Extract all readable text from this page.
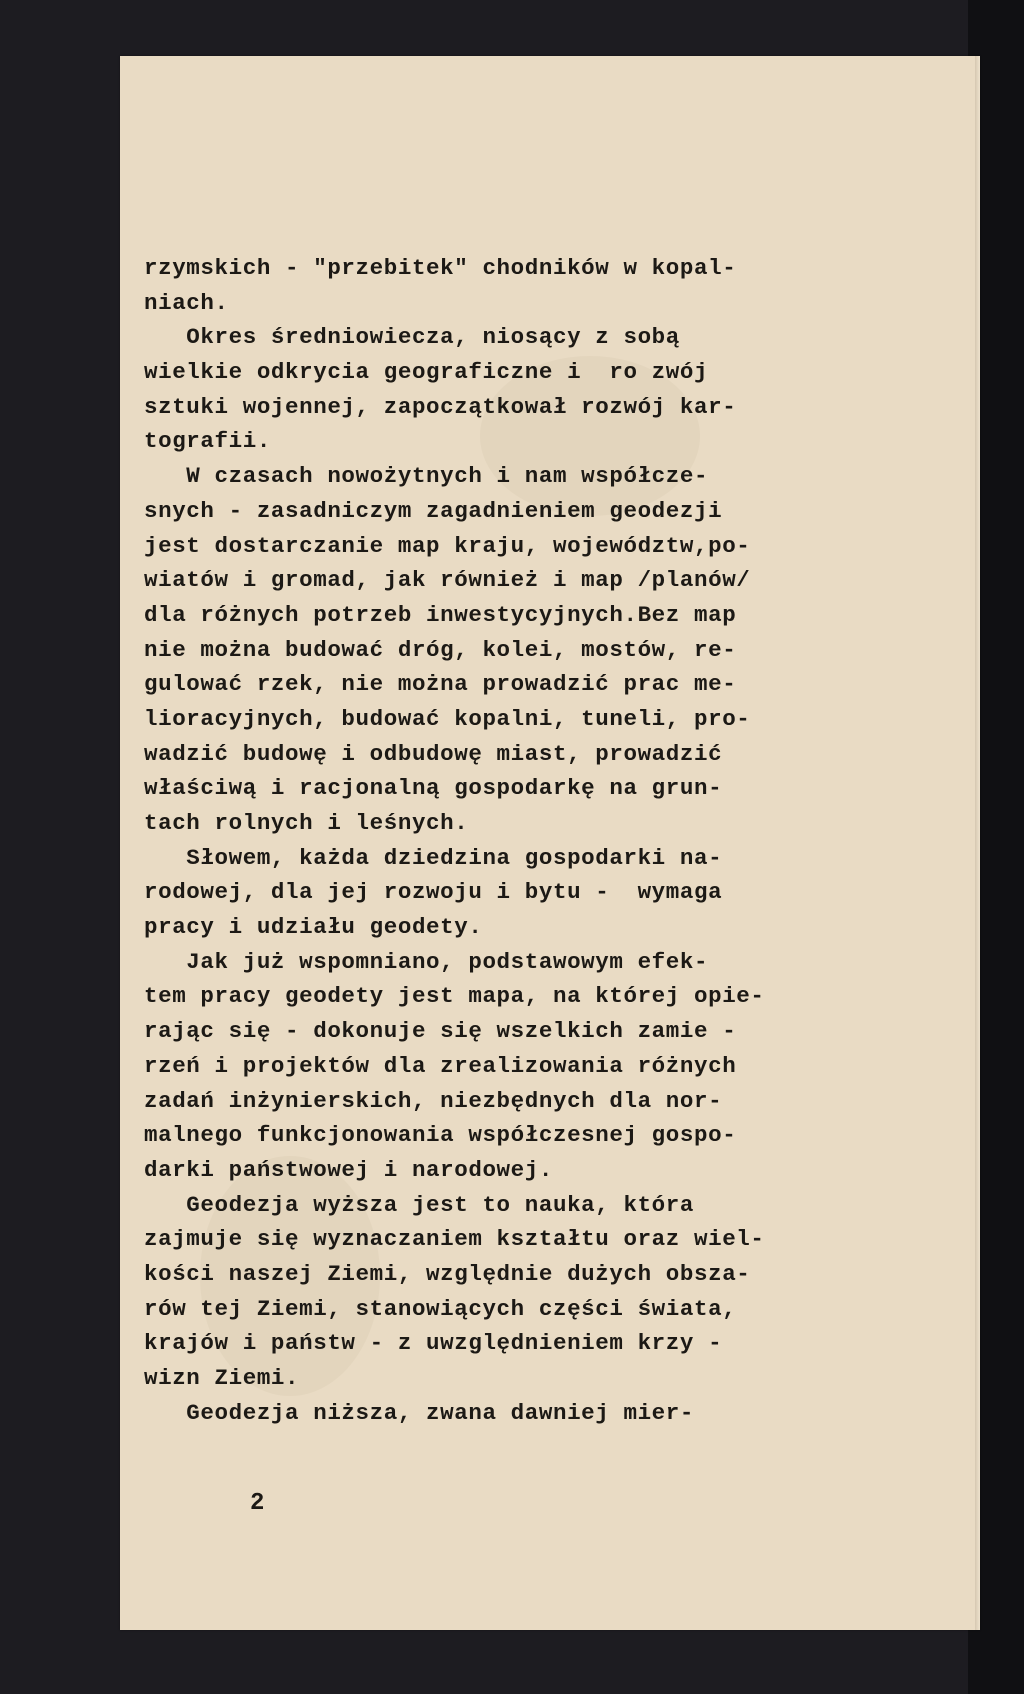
rzymskich - "przebitek" chodników w kopal-
niach.
Okres średniowiecza, niosący z sobą
wielkie odkrycia geograficzne i  ro zwój
sztuki wojennej, zapoczątkował rozwój kar-
tografii.
W czasach nowożytnych i nam współcze-
snych - zasadniczym zagadnieniem geodezji
jest dostarczanie map kraju, województw,po-
wiatów i gromad, jak również i map /planów/
dla różnych potrzeb inwestycyjnych.Bez map
nie można budować dróg, kolei, mostów, re-
gulować rzek, nie można prowadzić prac me-
lioracyjnych, budować kopalni, tuneli, pro-
wadzić budowę i odbudowę miast, prowadzić
właściwą i racjonalną gospodarkę na grun-
tach rolnych i leśnych.
Słowem, każda dziedzina gospodarki na-
rodowej, dla jej rozwoju i bytu -  wymaga
pracy i udziału geodety.
Jak już wspomniano, podstawowym efek-
tem pracy geodety jest mapa, na której opie-
rając się - dokonuje się wszelkich zamie -
rzeń i projektów dla zrealizowania różnych
zadań inżynierskich, niezbędnych dla nor-
malnego funkcjonowania współczesnej gospo-
darki państwowej i narodowej.
Geodezja wyższa jest to nauka, która
zajmuje się wyznaczaniem kształtu oraz wiel-
kości naszej Ziemi, względnie dużych obsza-
rów tej Ziemi, stanowiących części świata,
krajów i państw - z uwzględnieniem krzy -
wizn Ziemi.
Geodezja niższa, zwana dawniej mier-
2
